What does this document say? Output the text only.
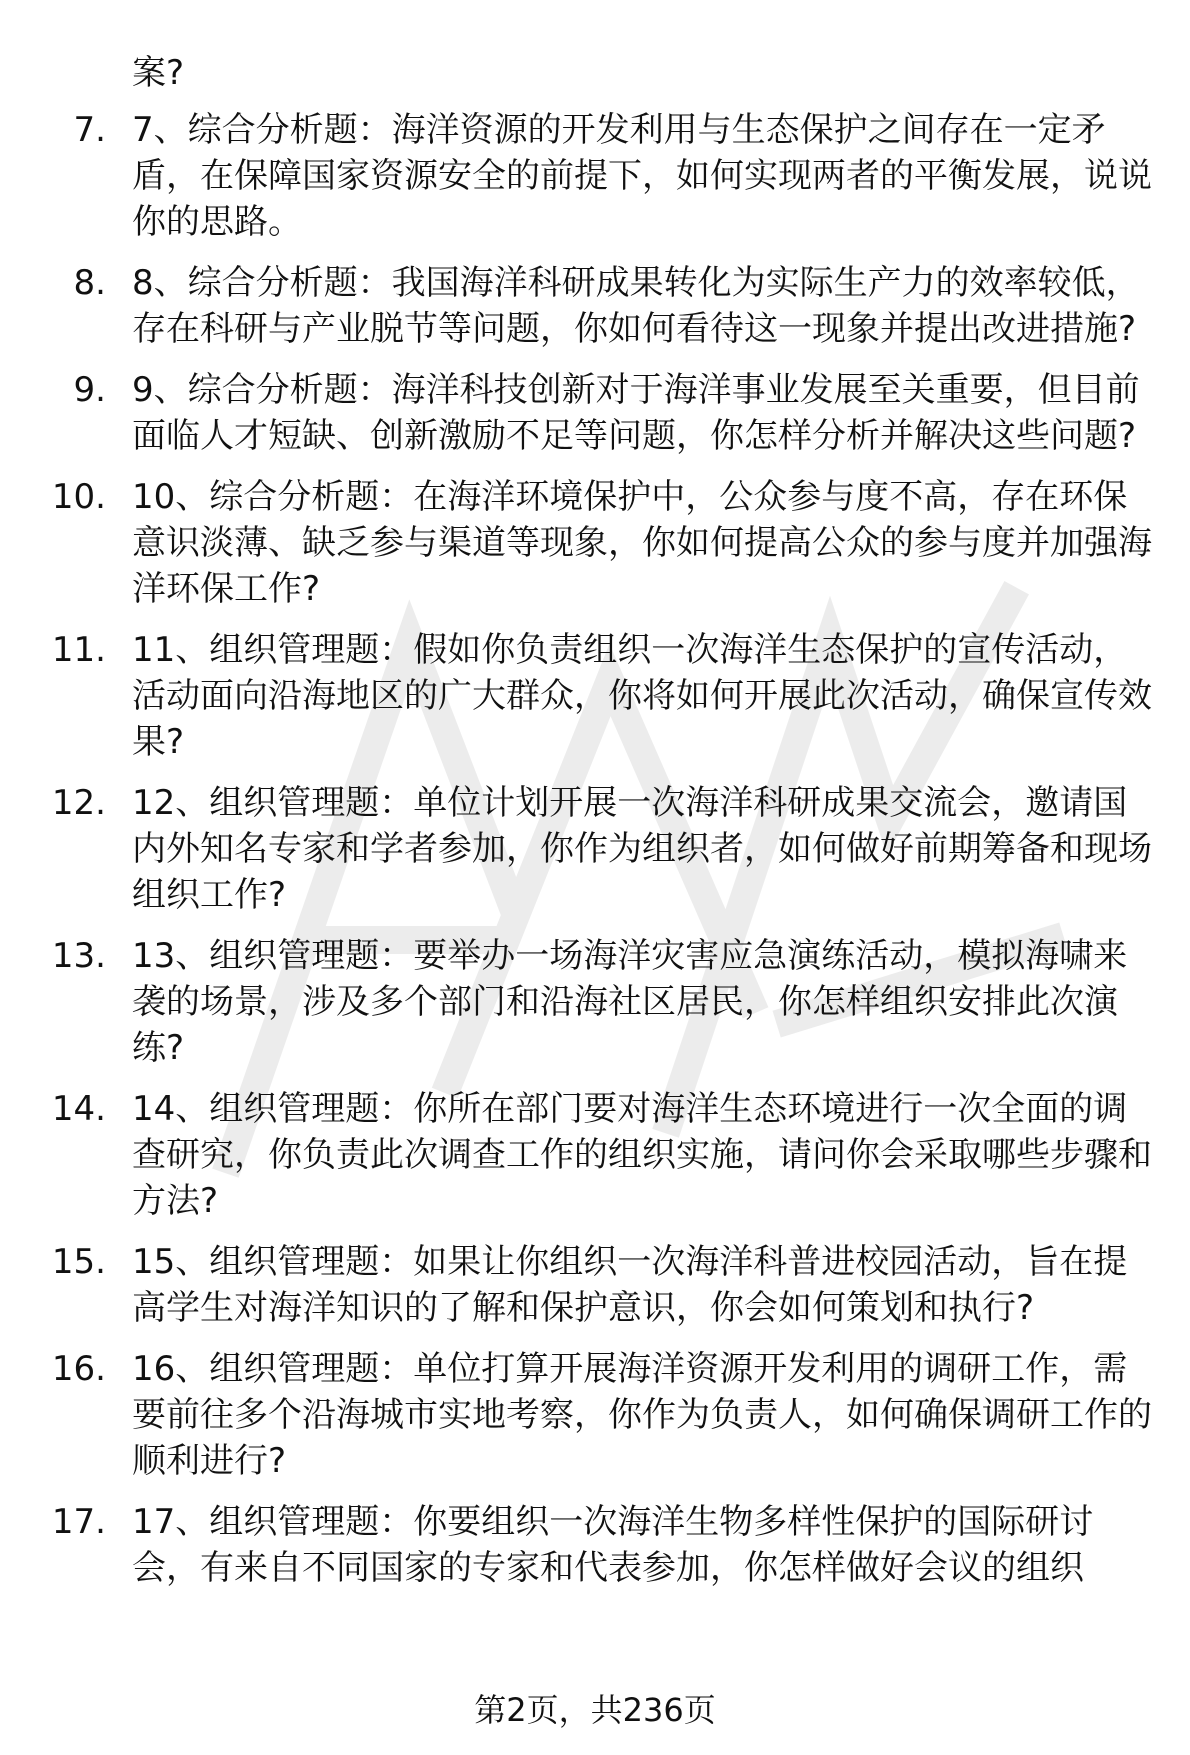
案?

7. 7、综合分析题：海洋资源的开发利用与生态保护之间存在一定矛盾，在保障国家资源安全的前提下，如何实现两者的平衡发展，说说你的思路。
8. 8、综合分析题：我国海洋科研成果转化为实际生产力的效率较低，存在科研与产业脱节等问题，你如何看待这一现象并提出改进措施?
9. 9、综合分析题：海洋科技创新对于海洋事业发展至关重要，但目前面临人才短缺、创新激励不足等问题，你怎样分析并解决这些问题?
10. 10、综合分析题：在海洋环境保护中，公众参与度不高，存在环保意识淡薄、缺乏参与渠道等现象，你如何提高公众的参与度并加强海洋环保工作?
11. 11、组织管理题：假如你负责组织一次海洋生态保护的宣传活动，活动面向沿海地区的广大群众，你将如何开展此次活动，确保宣传效果?
12. 12、组织管理题：单位计划开展一次海洋科研成果交流会，邀请国内外知名专家和学者参加，你作为组织者，如何做好前期筹备和现场组织工作?
13. 13、组织管理题：要举办一场海洋灾害应急演练活动，模拟海啸来袭的场景，涉及多个部门和沿海社区居民，你怎样组织安排此次演练?
14. 14、组织管理题：你所在部门要对海洋生态环境进行一次全面的调查研究，你负责此次调查工作的组织实施，请问你会采取哪些步骤和方法?
15. 15、组织管理题：如果让你组织一次海洋科普进校园活动，旨在提高学生对海洋知识的了解和保护意识，你会如何策划和执行?
16. 16、组织管理题：单位打算开展海洋资源开发利用的调研工作，需要前往多个沿海城市实地考察，你作为负责人，如何确保调研工作的顺利进行?
17. 17、组织管理题：你要组织一次海洋生物多样性保护的国际研讨会，有来自不同国家的专家和代表参加，你怎样做好会议的组织
第2页，共236页
